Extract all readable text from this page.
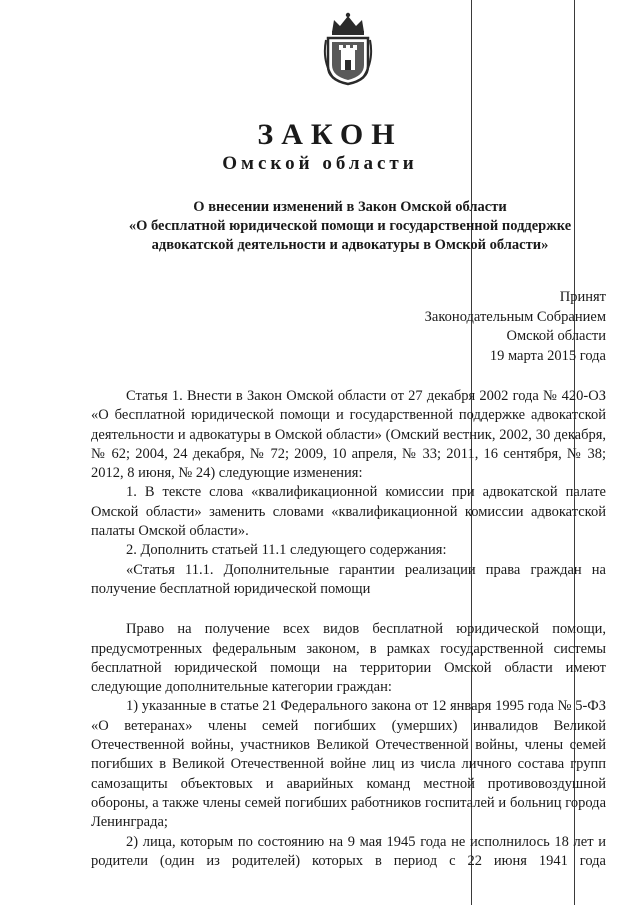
ЗАКОН
Омской области
О внесении изменений в Закон Омской области
«О бесплатной юридической помощи и государственной поддержке
адвокатской деятельности и адвокатуры в Омской области»
Принят
Законодательным Собранием
Омской области
19 марта 2015 года

Статья 1. Внести в Закон Омской области от 27 декабря 2002 года № 420-ОЗ «О бесплатной юридической помощи и государственной поддержке адвокатской деятельности и адвокатуры в Омской области» (Омский вестник, 2002, 30 декабря, № 62; 2004, 24 декабря, № 72; 2009, 10 апреля, № 33; 2011, 16 сентября, № 38; 2012, 8 июня, № 24) следующие изменения:

1. В тексте слова «квалификационной комиссии при адвокатской палате Омской области» заменить словами «квалификационной комиссии адвокатской палаты Омской области».

2. Дополнить статьей 11.1 следующего содержания:

«Статья 11.1. Дополнительные гарантии реализации права граждан на получение бесплатной юридической помощи

Право на получение всех видов бесплатной юридической помощи, предусмотренных федеральным законом, в рамках государственной системы бесплатной юридической помощи на территории Омской области имеют следующие дополнительные категории граждан:

1) указанные в статье 21 Федерального закона от 12 января 1995 года № 5-ФЗ «О ветеранах» члены семей погибших (умерших) инвалидов Великой Отечественной войны, участников Великой Отечественной войны, члены семей погибших в Великой Отечественной войне лиц из числа личного состава групп самозащиты объектовых и аварийных команд местной противовоздушной обороны, а также члены семей погибших работников госпиталей и больниц города Ленинграда;

2) лица, которым по состоянию на 9 мая 1945 года не исполнилось 18 лет и родители (один из родителей) которых в период с 22 июня 1941 года
